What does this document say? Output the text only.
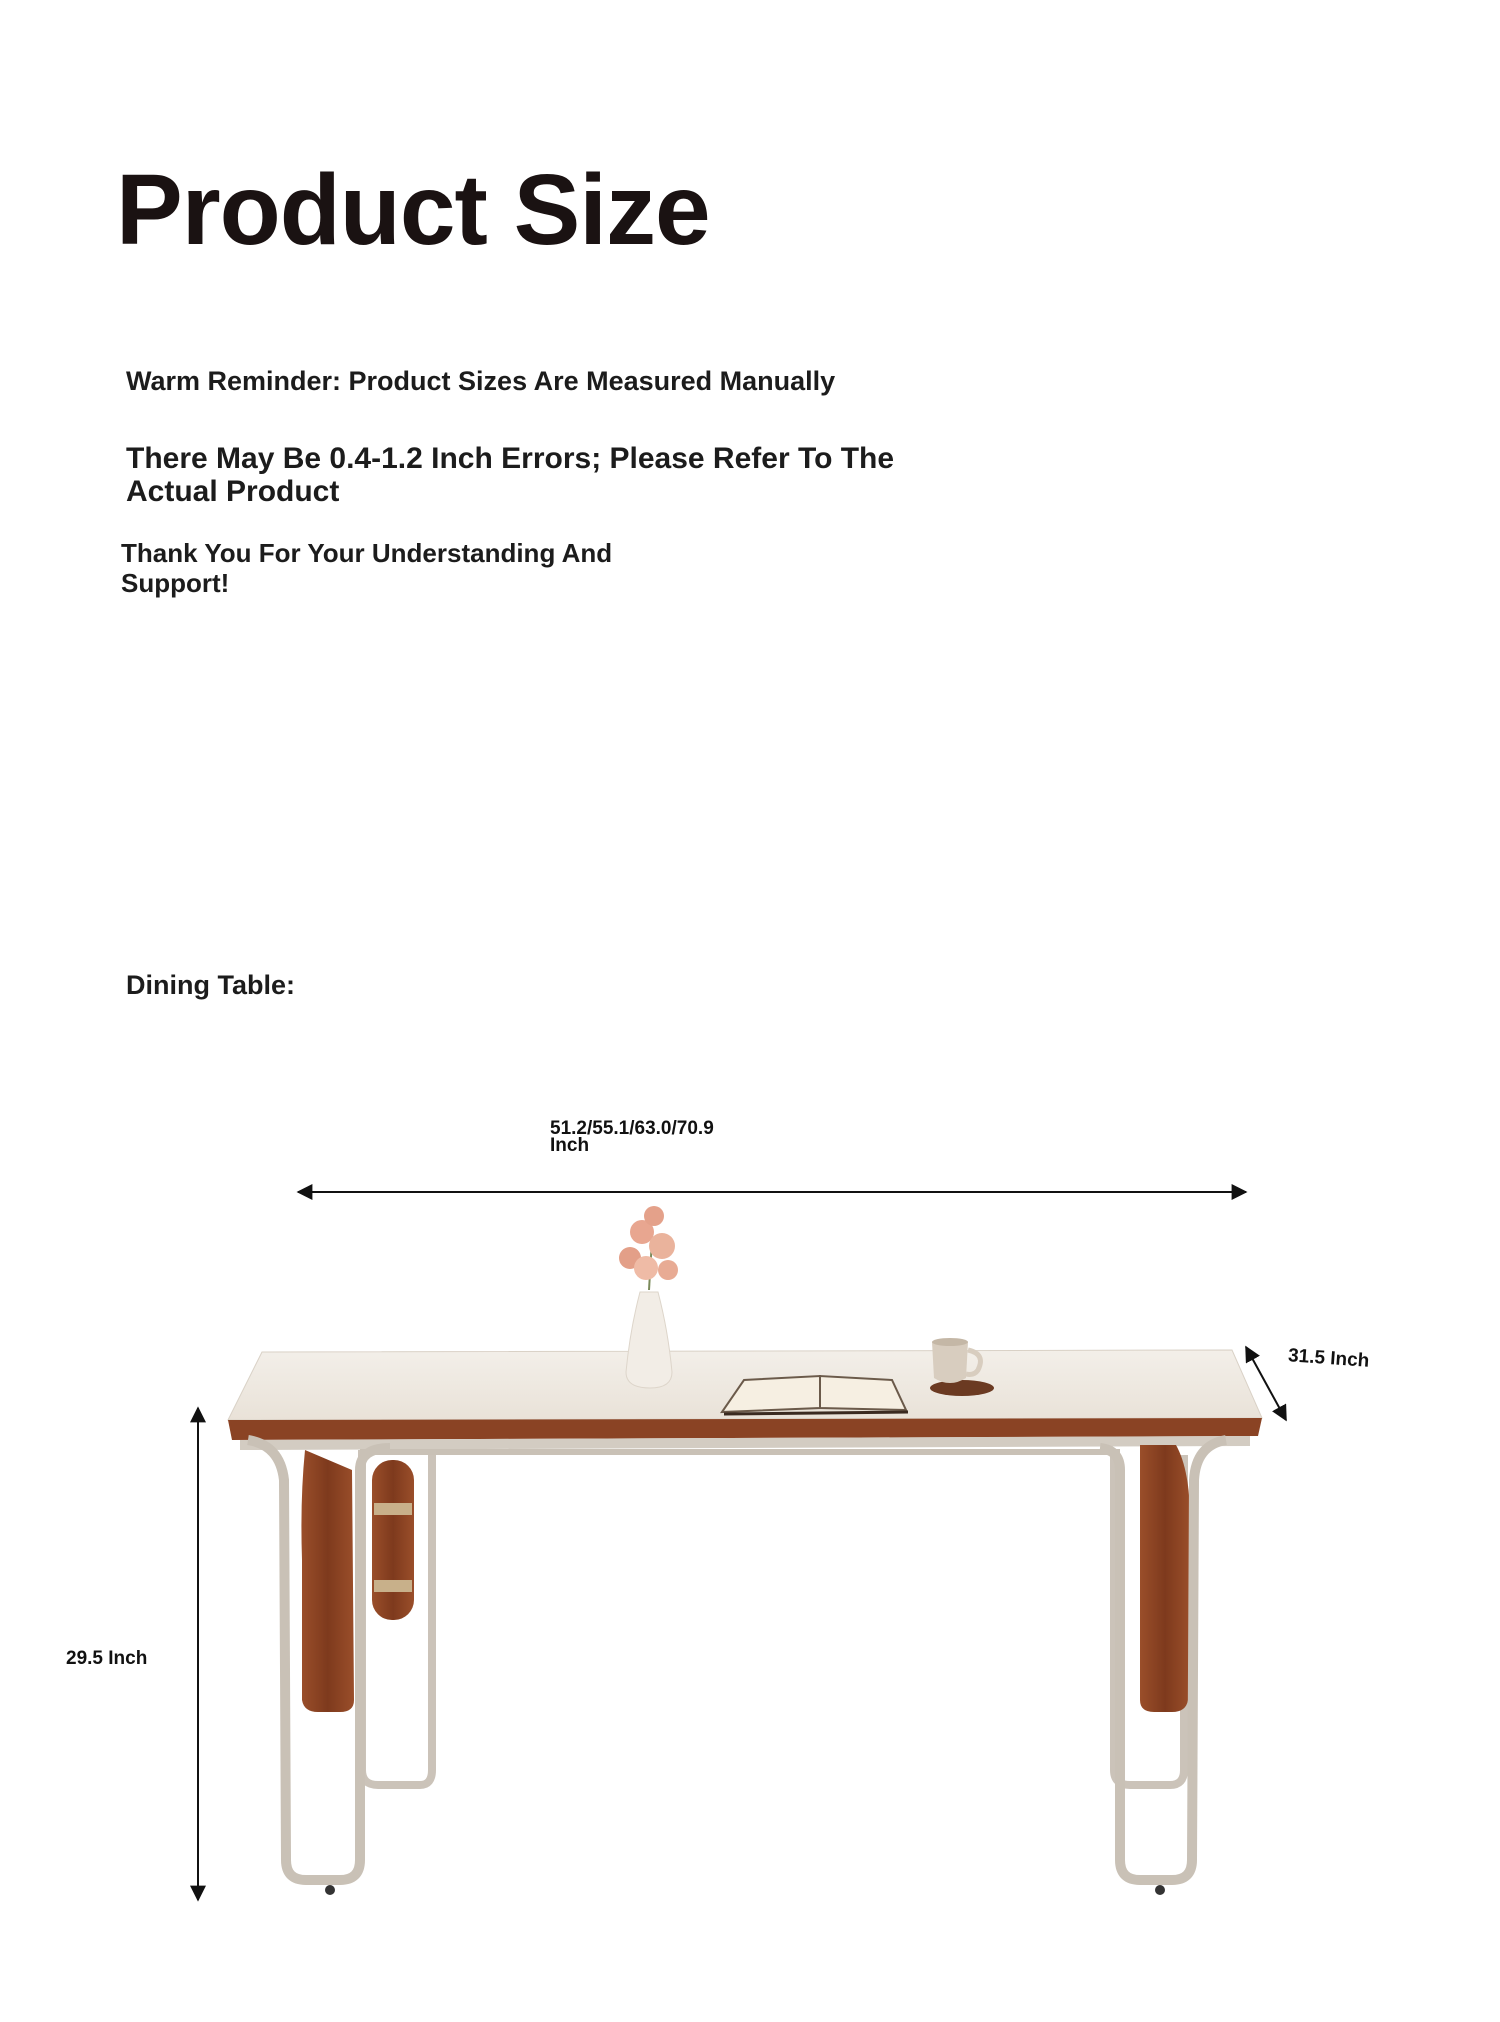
Product Size

Warm Reminder: Product Sizes Are Measured Manually

There May Be 0.4-1.2 Inch Errors; Please Refer To The Actual Product

Thank You For Your Understanding And Support!

Dining Table:
51.2/55.1/63.0/70.9 Inch
31.5 Inch
29.5 Inch
